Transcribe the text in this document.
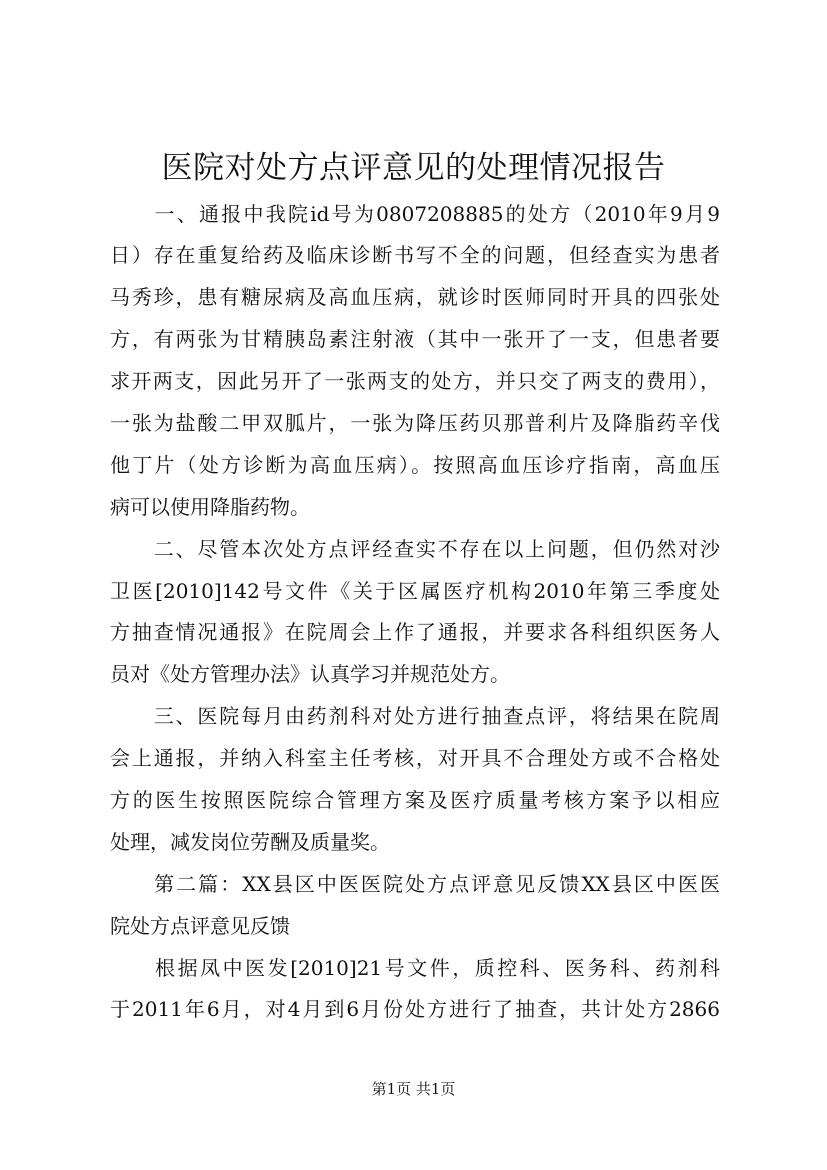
医院对处方点评意见的处理情况报告
　　一、通报中我院id号为0807208885的处方（2010年9月9
日）存在重复给药及临床诊断书写不全的问题，但经查实为患者
马秀珍，患有糖尿病及高血压病，就诊时医师同时开具的四张处
方，有两张为甘精胰岛素注射液（其中一张开了一支，但患者要
求开两支，因此另开了一张两支的处方，并只交了两支的费用），
一张为盐酸二甲双胍片，一张为降压药贝那普利片及降脂药辛伐
他丁片（处方诊断为高血压病）。按照高血压诊疗指南，高血压
病可以使用降脂药物。
　　二、尽管本次处方点评经查实不存在以上问题，但仍然对沙
卫医[2010]142号文件《关于区属医疗机构2010年第三季度处
方抽查情况通报》在院周会上作了通报，并要求各科组织医务人
员对《处方管理办法》认真学习并规范处方。
　　三、医院每月由药剂科对处方进行抽查点评，将结果在院周
会上通报，并纳入科室主任考核，对开具不合理处方或不合格处
方的医生按照医院综合管理方案及医疗质量考核方案予以相应
处理，减发岗位劳酬及质量奖。
　　第二篇：XX县区中医医院处方点评意见反馈XX县区中医医
院处方点评意见反馈
　　根据凤中医发[2010]21号文件，质控科、医务科、药剂科
于2011年6月，对4月到6月份处方进行了抽查，共计处方2866
第1页 共1页
